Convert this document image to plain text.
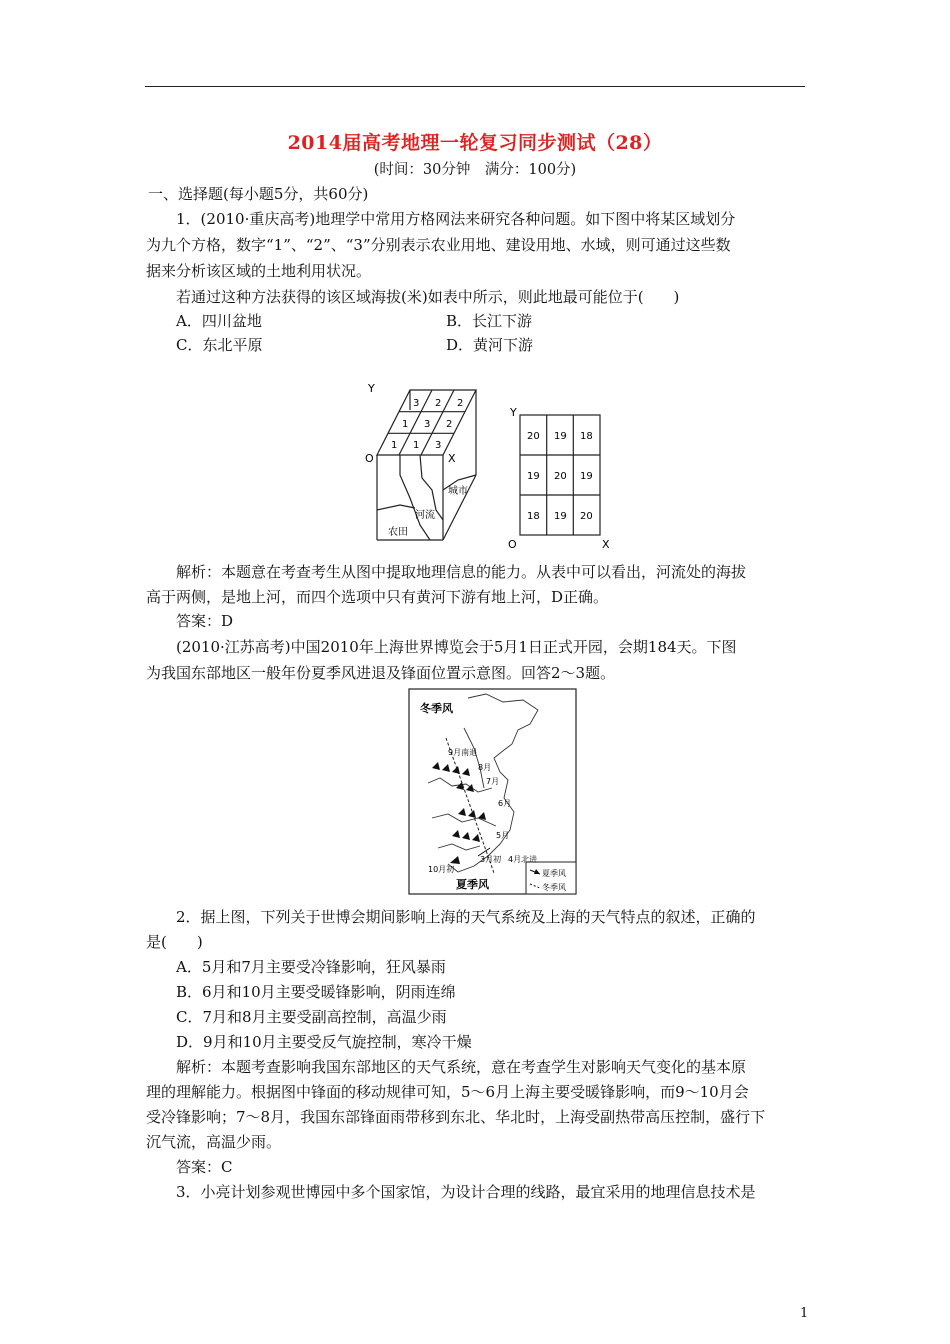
2014届高考地理一轮复习同步测试（28）
(时间：30分钟　满分：100分)
一、选择题(每小题5分，共60分)
1．(2010·重庆高考)地理学中常用方格网法来研究各种问题。如下图中将某区域划分
为九个方格，数字“1”、“2”、“3”分别表示农业用地、建设用地、水域，则可通过这些数
据来分析该区域的土地利用状况。
若通过这种方法获得的该区域海拔(米)如表中所示，则此地最可能位于(　　)
A．四川盆地	B．长江下游
C．东北平原	D．黄河下游
Y
O	X
3 2 2
1 3 2
1 1 3
城市
河流
农田
Y
O	X
20 19 18
19 20 19
18 19 20
解析：本题意在考查考生从图中提取地理信息的能力。从表中可以看出，河流处的海拔
高于两侧，是地上河，而四个选项中只有黄河下游有地上河，D正确。
答案：D
(2010·江苏高考)中国2010年上海世界博览会于5月1日正式开园，会期184天。下图
为我国东部地区一般年份夏季风进退及锋面位置示意图。回答2～3题。
冬季风
夏季风
9月南退
8月
7月
6月
5月
4月北进
3月初
10月初	夏季风
冬季风
2．据上图，下列关于世博会期间影响上海的天气系统及上海的天气特点的叙述，正确的
是(　　)
A．5月和7月主要受冷锋影响，狂风暴雨
B．6月和10月主要受暖锋影响，阴雨连绵
C．7月和8月主要受副高控制，高温少雨
D．9月和10月主要受反气旋控制，寒冷干燥
解析：本题考查影响我国东部地区的天气系统，意在考查学生对影响天气变化的基本原
理的理解能力。根据图中锋面的移动规律可知，5～6月上海主要受暖锋影响，而9～10月会
受冷锋影响；7～8月，我国东部锋面雨带移到东北、华北时，上海受副热带高压控制，盛行下
沉气流，高温少雨。
答案：C
3．小亮计划参观世博园中多个国家馆，为设计合理的线路，最宜采用的地理信息技术是
1
